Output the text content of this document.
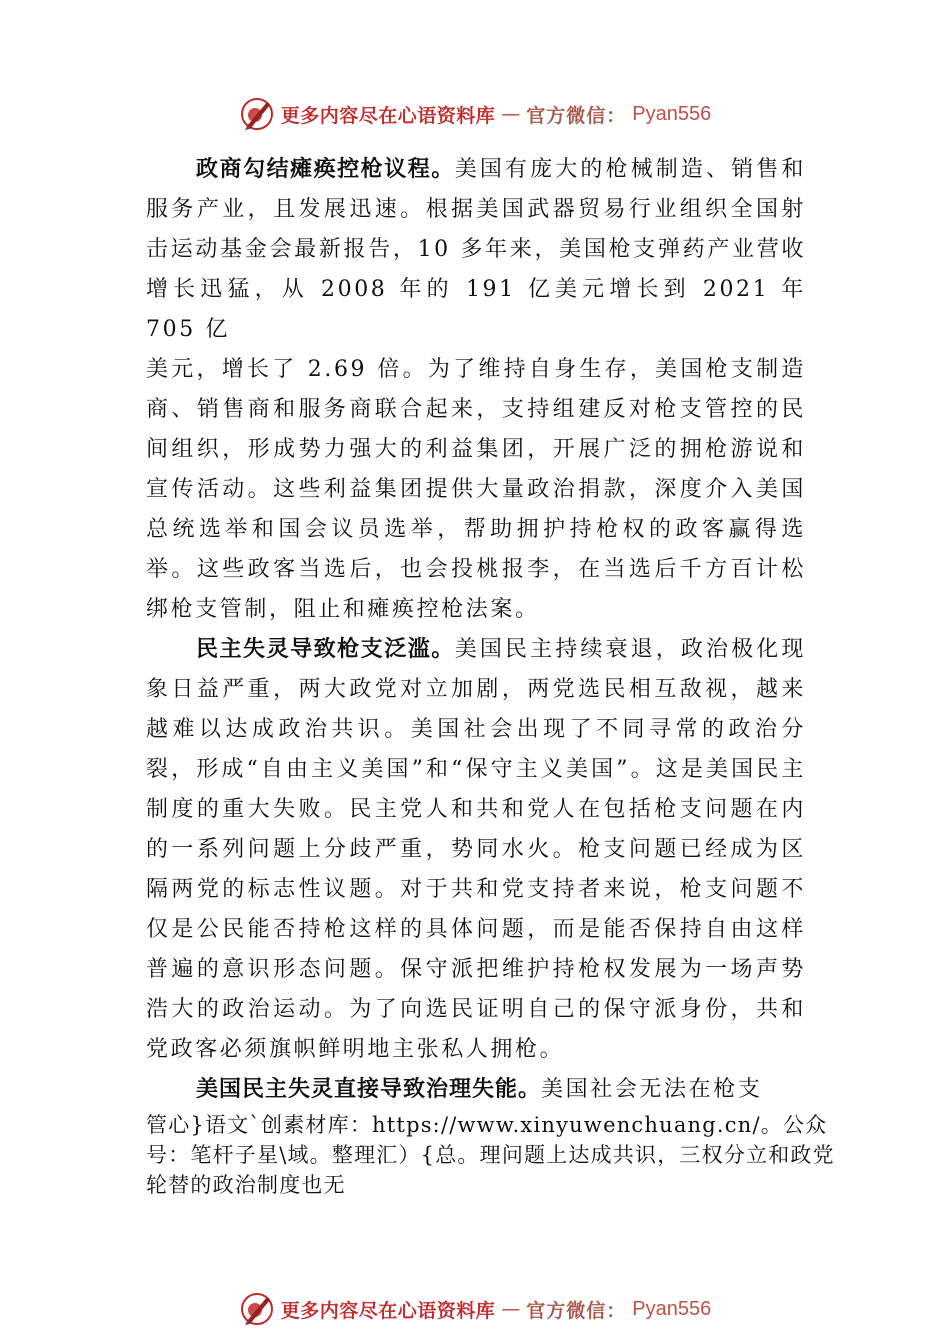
更多内容尽在心语资料库 — 官方微信： Pyan556

政商勾结瘫痪控枪议程。美国有庞大的枪械制造、销售和服务产业，且发展迅速。根据美国武器贸易行业组织全国射击运动基金会最新报告，10 多年来，美国枪支弹药产业营收增长迅猛，从 2008 年的 191 亿美元增长到 2021 年 705 亿

美元，增长了 2.69 倍。为了维持自身生存，美国枪支制造商、销售商和服务商联合起来，支持组建反对枪支管控的民间组织，形成势力强大的利益集团，开展广泛的拥枪游说和宣传活动。这些利益集团提供大量政治捐款，深度介入美国总统选举和国会议员选举，帮助拥护持枪权的政客赢得选举。这些政客当选后，也会投桃报李，在当选后千方百计松绑枪支管制，阻止和瘫痪控枪法案。

民主失灵导致枪支泛滥。美国民主持续衰退，政治极化现象日益严重，两大政党对立加剧，两党选民相互敌视，越来越难以达成政治共识。美国社会出现了不同寻常的政治分裂，形成“自由主义美国”和“保守主义美国”。这是美国民主制度的重大失败。民主党人和共和党人在包括枪支问题在内的一系列问题上分歧严重，势同水火。枪支问题已经成为区隔两党的标志性议题。对于共和党支持者来说，枪支问题不仅是公民能否持枪这样的具体问题，而是能否保持自由这样普遍的意识形态问题。保守派把维护持枪权发展为一场声势浩大的政治运动。为了向选民证明自己的保守派身份，共和党政客必须旗帜鲜明地主张私人拥枪。

美国民主失灵直接导致治理失能。美国社会无法在枪支

管心}语文`创素材库：https://www.xinyuwenchuang.cn/。公众号：笔杆子星\域。整理汇）{总。理问题上达成共识，三权分立和政党轮替的政治制度也无

更多内容尽在心语资料库 — 官方微信： Pyan556
